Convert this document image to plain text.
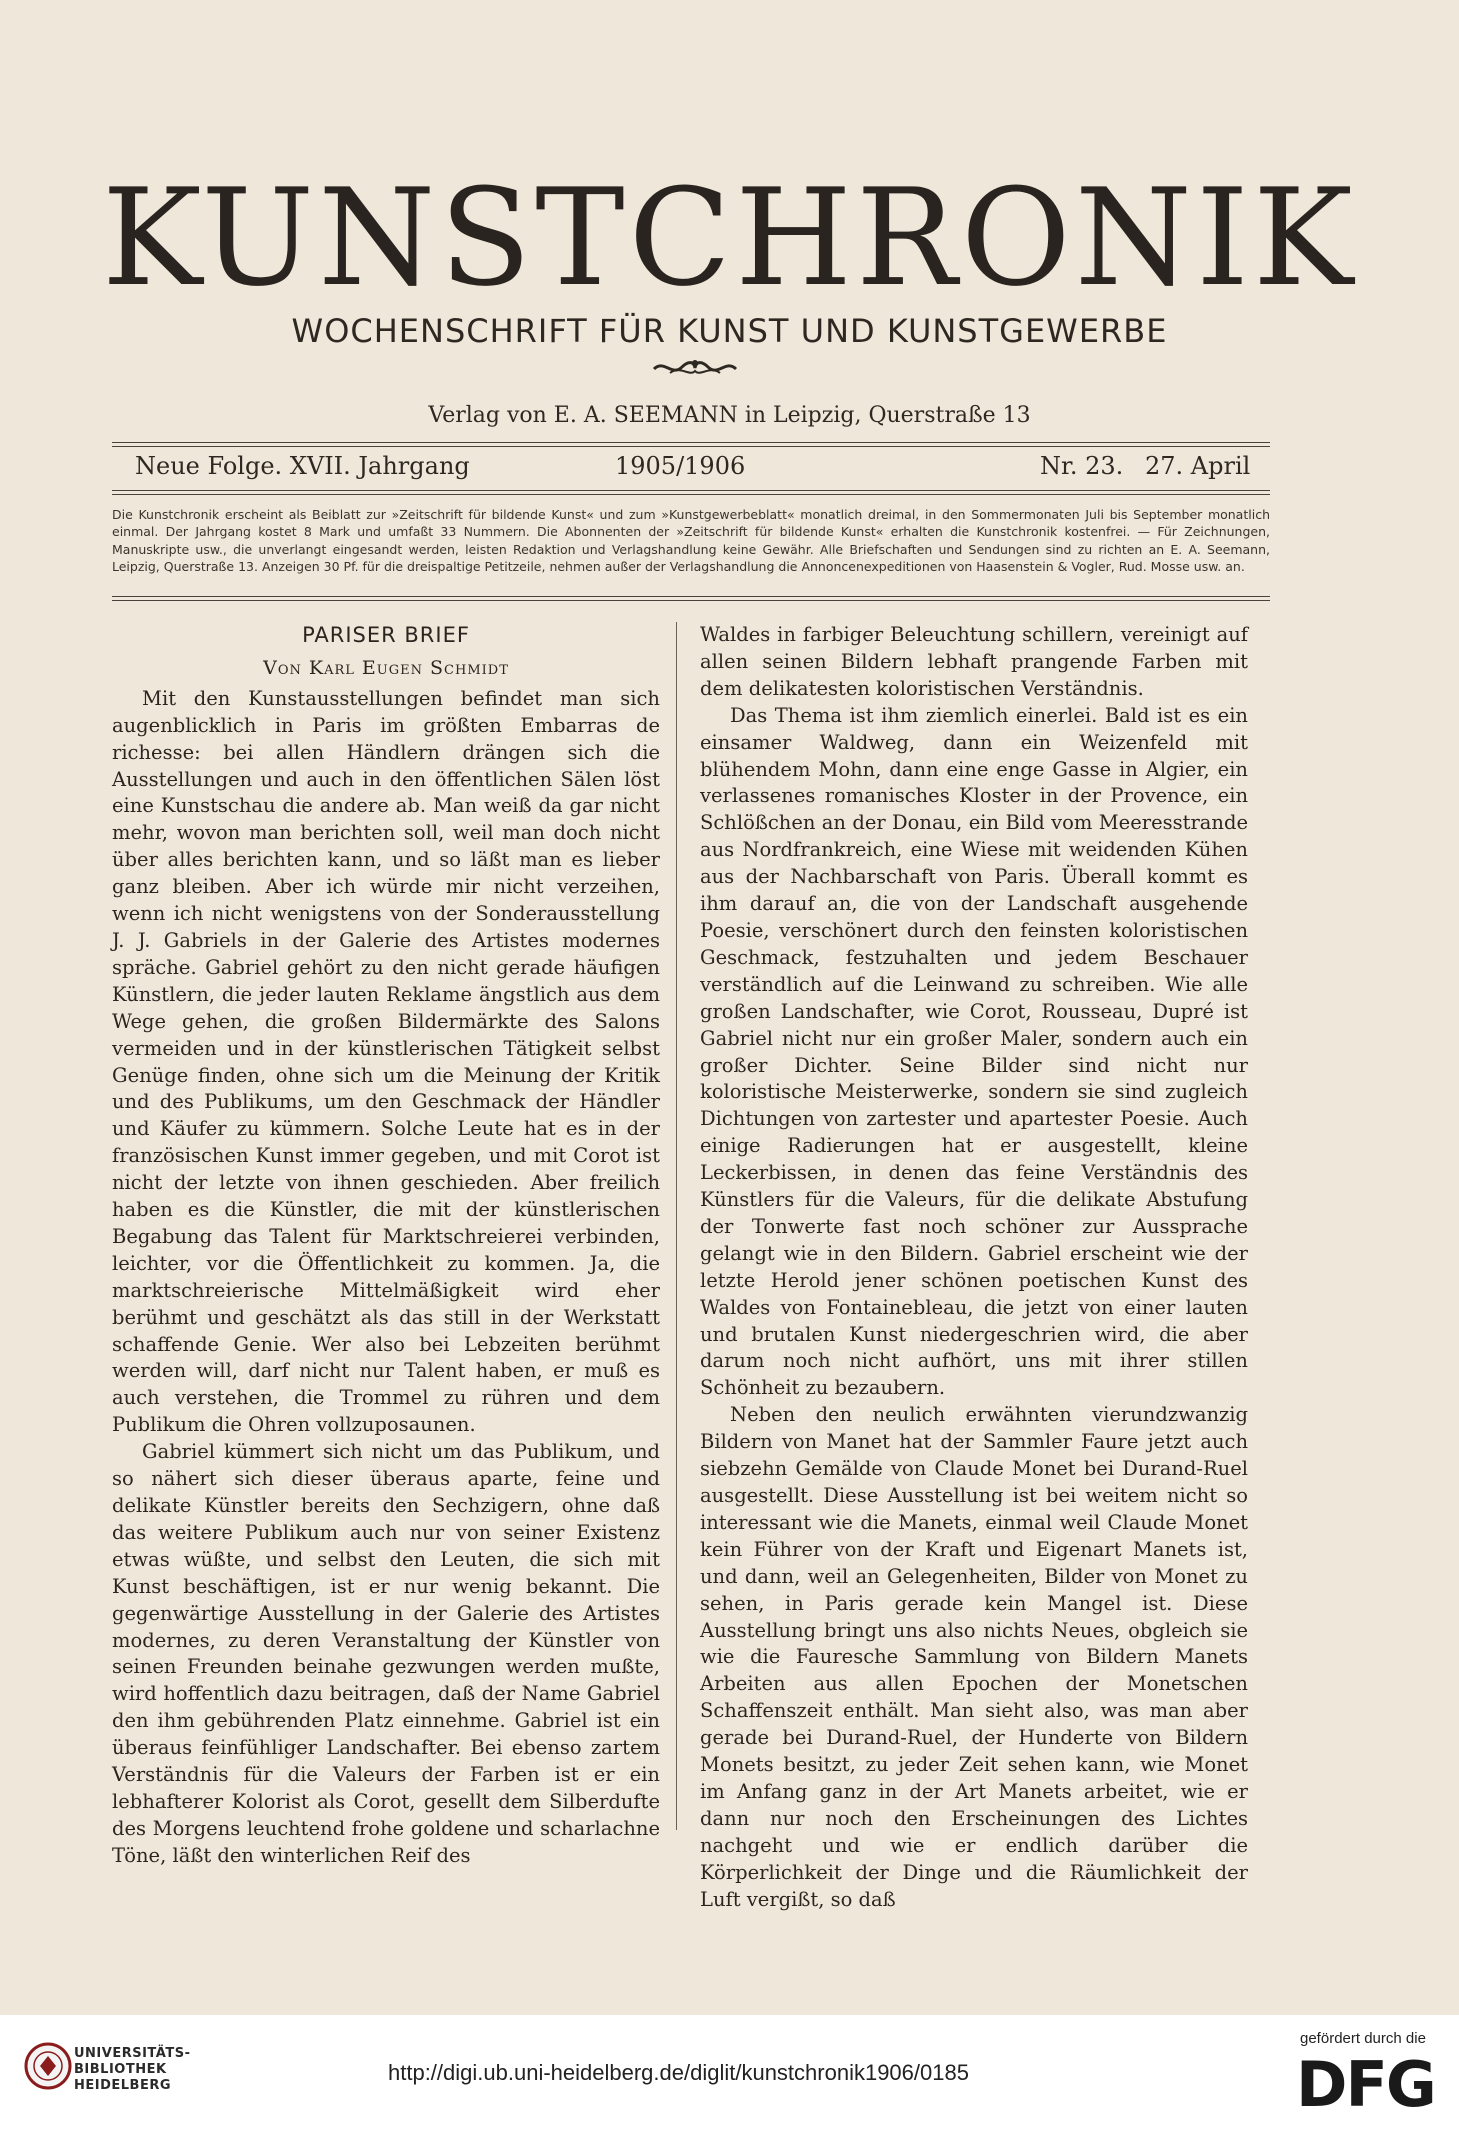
KUNSTCHRONIK
WOCHENSCHRIFT FÜR KUNST UND KUNSTGEWERBE
Verlag von E. A. SEEMANN in Leipzig, Querstraße 13
Neue Folge. XVII. Jahrgang	1905/1906	Nr. 23. 27. April
Die Kunstchronik erscheint als Beiblatt zur »Zeitschrift für bildende Kunst« und zum »Kunstgewerbeblatt« monatlich dreimal, in den Sommermonaten Juli bis September monatlich einmal. Der Jahrgang kostet 8 Mark und umfaßt 33 Nummern. Die Abonnenten der »Zeitschrift für bildende Kunst« erhalten die Kunstchronik kostenfrei. — Für Zeichnungen, Manuskripte usw., die unverlangt eingesandt werden, leisten Redaktion und Verlagshandlung keine Gewähr. Alle Briefschaften und Sendungen sind zu richten an E. A. Seemann, Leipzig, Querstraße 13. Anzeigen 30 Pf. für die dreispaltige Petitzeile, nehmen außer der Verlagshandlung die Annoncenexpeditionen von Haasenstein & Vogler, Rud. Mosse usw. an.
PARISER BRIEF
Von Karl Eugen Schmidt

Mit den Kunstausstellungen befindet man sich augenblicklich in Paris im größten Embarras de richesse: bei allen Händlern drängen sich die Ausstellungen und auch in den öffentlichen Sälen löst eine Kunstschau die andere ab. Man weiß da gar nicht mehr, wovon man berichten soll, weil man doch nicht über alles berichten kann, und so läßt man es lieber ganz bleiben. Aber ich würde mir nicht verzeihen, wenn ich nicht wenigstens von der Sonderausstellung J. J. Gabriels in der Galerie des Artistes modernes spräche. Gabriel gehört zu den nicht gerade häufigen Künstlern, die jeder lauten Reklame ängstlich aus dem Wege gehen, die großen Bildermärkte des Salons vermeiden und in der künstlerischen Tätigkeit selbst Genüge finden, ohne sich um die Meinung der Kritik und des Publikums, um den Geschmack der Händler und Käufer zu kümmern. Solche Leute hat es in der französischen Kunst immer gegeben, und mit Corot ist nicht der letzte von ihnen geschieden. Aber freilich haben es die Künstler, die mit der künstlerischen Begabung das Talent für Marktschreierei verbinden, leichter, vor die Öffentlichkeit zu kommen. Ja, die marktschreierische Mittelmäßigkeit wird eher berühmt und geschätzt als das still in der Werkstatt schaffende Genie. Wer also bei Lebzeiten berühmt werden will, darf nicht nur Talent haben, er muß es auch verstehen, die Trommel zu rühren und dem Publikum die Ohren vollzuposaunen.

Gabriel kümmert sich nicht um das Publikum, und so nähert sich dieser überaus aparte, feine und delikate Künstler bereits den Sechzigern, ohne daß das weitere Publikum auch nur von seiner Existenz etwas wüßte, und selbst den Leuten, die sich mit Kunst beschäftigen, ist er nur wenig bekannt. Die gegenwärtige Ausstellung in der Galerie des Artistes modernes, zu deren Veranstaltung der Künstler von seinen Freunden beinahe gezwungen werden mußte, wird hoffentlich dazu beitragen, daß der Name Gabriel den ihm gebührenden Platz einnehme. Gabriel ist ein überaus feinfühliger Landschafter. Bei ebenso zartem Verständnis für die Valeurs der Farben ist er ein lebhafterer Kolorist als Corot, gesellt dem Silberdufte des Morgens leuchtend frohe goldene und scharlachne Töne, läßt den winterlichen Reif des

Waldes in farbiger Beleuchtung schillern, vereinigt auf allen seinen Bildern lebhaft prangende Farben mit dem delikatesten koloristischen Verständnis.

Das Thema ist ihm ziemlich einerlei. Bald ist es ein einsamer Waldweg, dann ein Weizenfeld mit blühendem Mohn, dann eine enge Gasse in Algier, ein verlassenes romanisches Kloster in der Provence, ein Schlößchen an der Donau, ein Bild vom Meeresstrande aus Nordfrankreich, eine Wiese mit weidenden Kühen aus der Nachbarschaft von Paris. Überall kommt es ihm darauf an, die von der Landschaft ausgehende Poesie, verschönert durch den feinsten koloristischen Geschmack, festzuhalten und jedem Beschauer verständlich auf die Leinwand zu schreiben. Wie alle großen Landschafter, wie Corot, Rousseau, Dupré ist Gabriel nicht nur ein großer Maler, sondern auch ein großer Dichter. Seine Bilder sind nicht nur koloristische Meisterwerke, sondern sie sind zugleich Dichtungen von zartester und apartester Poesie. Auch einige Radierungen hat er ausgestellt, kleine Leckerbissen, in denen das feine Verständnis des Künstlers für die Valeurs, für die delikate Abstufung der Tonwerte fast noch schöner zur Aussprache gelangt wie in den Bildern. Gabriel erscheint wie der letzte Herold jener schönen poetischen Kunst des Waldes von Fontainebleau, die jetzt von einer lauten und brutalen Kunst niedergeschrien wird, die aber darum noch nicht aufhört, uns mit ihrer stillen Schönheit zu bezaubern.

Neben den neulich erwähnten vierundzwanzig Bildern von Manet hat der Sammler Faure jetzt auch siebzehn Gemälde von Claude Monet bei Durand-Ruel ausgestellt. Diese Ausstellung ist bei weitem nicht so interessant wie die Manets, einmal weil Claude Monet kein Führer von der Kraft und Eigenart Manets ist, und dann, weil an Gelegenheiten, Bilder von Monet zu sehen, in Paris gerade kein Mangel ist. Diese Ausstellung bringt uns also nichts Neues, obgleich sie wie die Fauresche Sammlung von Bildern Manets Arbeiten aus allen Epochen der Monetschen Schaffenszeit enthält. Man sieht also, was man aber gerade bei Durand-Ruel, der Hunderte von Bildern Monets besitzt, zu jeder Zeit sehen kann, wie Monet im Anfang ganz in der Art Manets arbeitet, wie er dann nur noch den Erscheinungen des Lichtes nachgeht und wie er endlich darüber die Körperlichkeit der Dinge und die Räumlichkeit der Luft vergißt, so daß

UNIVERSITÄTS-
BIBLIOTHEK
HEIDELBERG
http://digi.ub.uni-heidelberg.de/diglit/kunstchronik1906/0185
gefördert durch die
DFG
